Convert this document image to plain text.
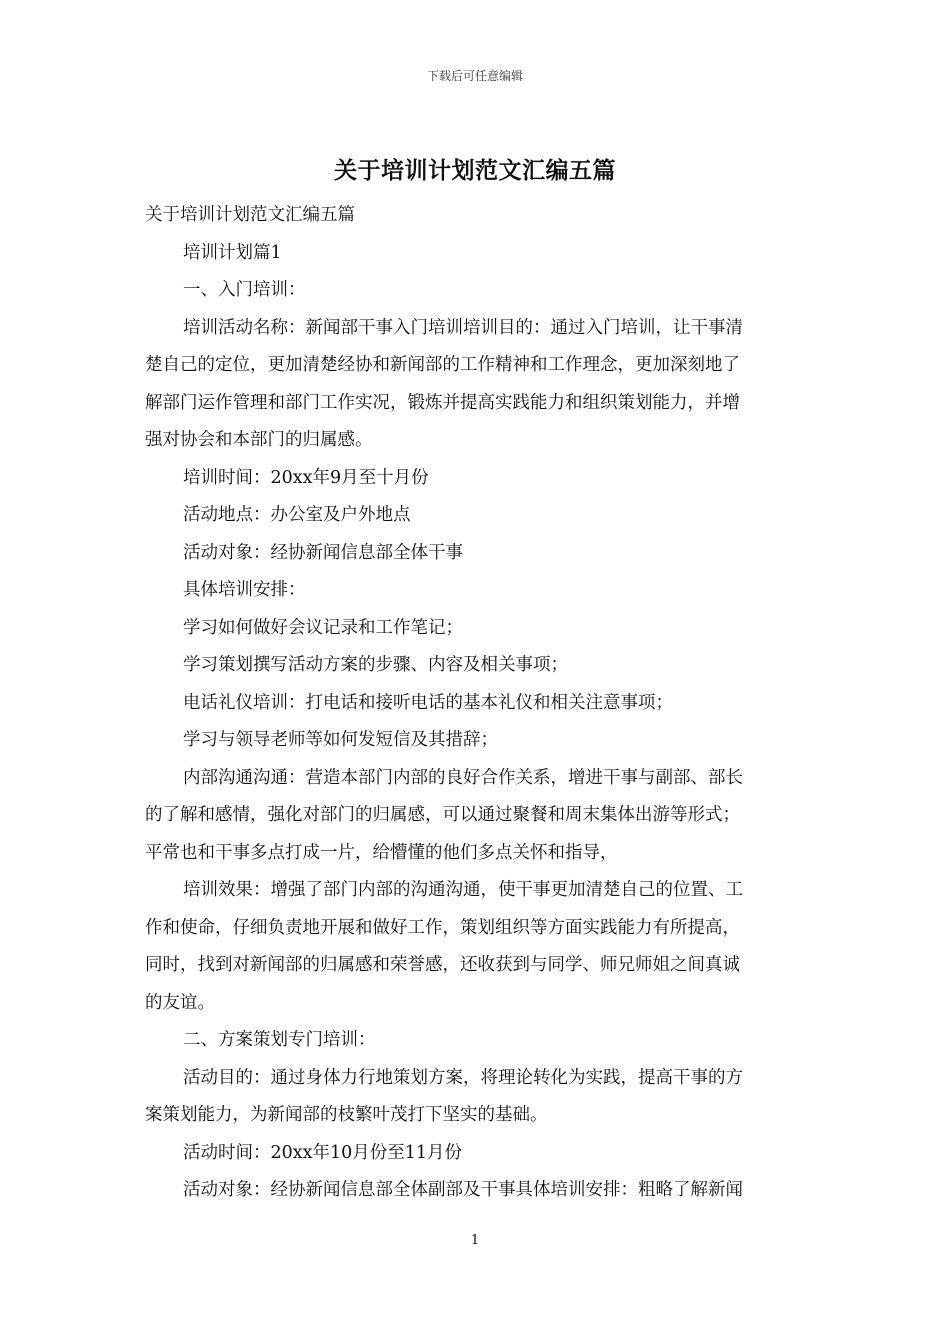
下载后可任意编辑
关于培训计划范文汇编五篇
关于培训计划范文汇编五篇
培训计划篇1
一、入门培训：
培训活动名称：新闻部干事入门培训培训目的：通过入门培训，让干事清
楚自己的定位，更加清楚经协和新闻部的工作精神和工作理念，更加深刻地了
解部门运作管理和部门工作实况，锻炼并提高实践能力和组织策划能力，并增
强对协会和本部门的归属感。
培训时间：20xx年9月至十月份
活动地点：办公室及户外地点
活动对象：经协新闻信息部全体干事
具体培训安排：
学习如何做好会议记录和工作笔记；
学习策划撰写活动方案的步骤、内容及相关事项；
电话礼仪培训：打电话和接听电话的基本礼仪和相关注意事项；
学习与领导老师等如何发短信及其措辞；
内部沟通沟通：营造本部门内部的良好合作关系，增进干事与副部、部长
的了解和感情，强化对部门的归属感，可以通过聚餐和周末集体出游等形式；
平常也和干事多点打成一片，给懵懂的他们多点关怀和指导，
培训效果：增强了部门内部的沟通沟通，使干事更加清楚自己的位置、工
作和使命，仔细负责地开展和做好工作，策划组织等方面实践能力有所提高，
同时，找到对新闻部的归属感和荣誉感，还收获到与同学、师兄师姐之间真诚
的友谊。
二、方案策划专门培训：
活动目的：通过身体力行地策划方案，将理论转化为实践，提高干事的方
案策划能力，为新闻部的枝繁叶茂打下坚实的基础。
活动时间：20xx年10月份至11月份
活动对象：经协新闻信息部全体副部及干事具体培训安排：粗略了解新闻
1
